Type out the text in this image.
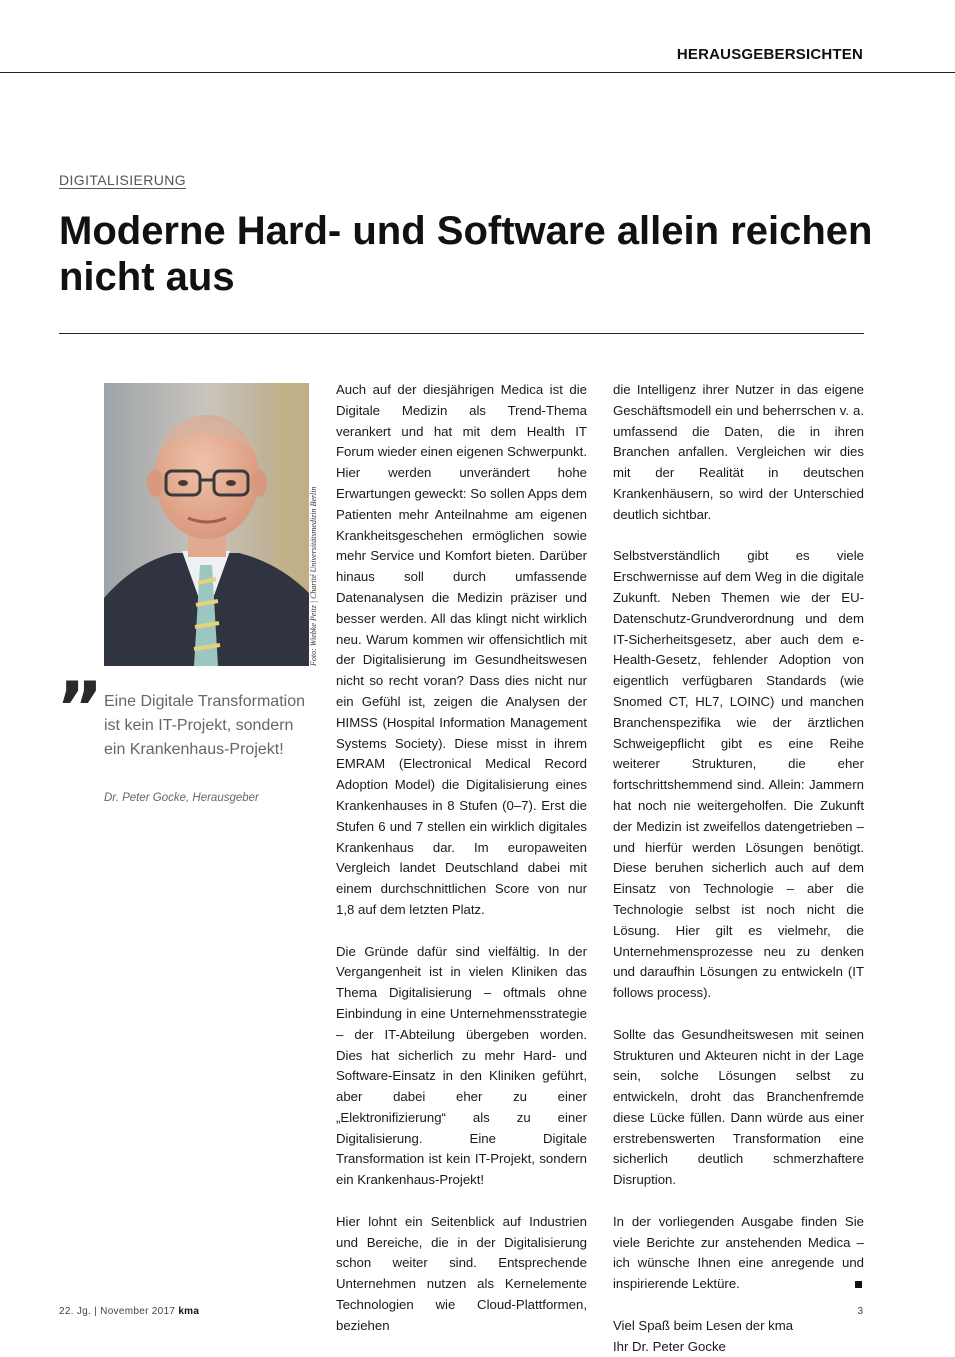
HERAUSGEBERSICHTEN
DIGITALISIERUNG
Moderne Hard- und Software allein reichen nicht aus
Foto: Wiebke Peitz | Charité Universitätsmedizin Berlin
” Eine Digitale Transformation ist kein IT-Projekt, sondern ein Krankenhaus-Projekt!

Dr. Peter Gocke, Herausgeber

Auch auf der diesjährigen Medica ist die Digitale Medizin als Trend-Thema verankert und hat mit dem Health IT Forum wieder einen eigenen Schwerpunkt. Hier werden unverändert hohe Erwartungen geweckt: So sollen Apps dem Patienten mehr Anteilnahme am eigenen Krankheitsgeschehen ermöglichen sowie mehr Service und Komfort bieten. Darüber hinaus soll durch umfassende Datenanalysen die Medizin präziser und besser werden. All das klingt nicht wirklich neu. Warum kommen wir offensichtlich mit der Digitalisierung im Gesundheitswesen nicht so recht voran? Dass dies nicht nur ein Gefühl ist, zeigen die Analysen der HIMSS (Hospital Information Management Systems Society). Diese misst in ihrem EMRAM (Electronical Medical Record Adoption Model) die Digitalisierung eines Krankenhauses in 8 Stufen (0–7). Erst die Stufen 6 und 7 stellen ein wirklich digitales Krankenhaus dar. Im europaweiten Vergleich landet Deutschland dabei mit einem durchschnittlichen Score von nur 1,8 auf dem letzten Platz.

Die Gründe dafür sind vielfältig. In der Vergangenheit ist in vielen Kliniken das Thema Digitalisierung – oftmals ohne Einbindung in eine Unternehmensstrategie – der IT-Abteilung übergeben worden. Dies hat sicherlich zu mehr Hard- und Software-Einsatz in den Kliniken geführt, aber dabei eher zu einer „Elektronifizierung“ als zu einer Digitalisierung. Eine Digitale Transformation ist kein IT-Projekt, sondern ein Krankenhaus-Projekt!

Hier lohnt ein Seitenblick auf Industrien und Bereiche, die in der Digitalisierung schon weiter sind. Entsprechende Unternehmen nutzen als Kernelemente Technologien wie Cloud-Plattformen, beziehen

die Intelligenz ihrer Nutzer in das eigene Geschäftsmodell ein und beherrschen v. a. umfassend die Daten, die in ihren Branchen anfallen. Vergleichen wir dies mit der Realität in deutschen Krankenhäusern, so wird der Unterschied deutlich sichtbar.

Selbstverständlich gibt es viele Erschwernisse auf dem Weg in die digitale Zukunft. Neben Themen wie der EU-Datenschutz-Grundverordnung und dem IT-Sicherheitsgesetz, aber auch dem e-Health-Gesetz, fehlender Adoption von eigentlich verfügbaren Standards (wie Snomed CT, HL7, LOINC) und manchen Branchenspezifika wie der ärztlichen Schweigepflicht gibt es eine Reihe weiterer Strukturen, die eher fortschrittshemmend sind. Allein: Jammern hat noch nie weitergeholfen. Die Zukunft der Medizin ist zweifellos datengetrieben – und hierfür werden Lösungen benötigt. Diese beruhen sicherlich auch auf dem Einsatz von Technologie – aber die Technologie selbst ist noch nicht die Lösung. Hier gilt es vielmehr, die Unternehmensprozesse neu zu denken und daraufhin Lösungen zu entwickeln (IT follows process).

Sollte das Gesundheitswesen mit seinen Strukturen und Akteuren nicht in der Lage sein, solche Lösungen selbst zu entwickeln, droht das Branchenfremde diese Lücke füllen. Dann würde aus einer erstrebenswerten Transformation eine sicherlich deutlich schmerzhaftere Disruption.

In der vorliegenden Ausgabe finden Sie viele Berichte zur anstehenden Medica – ich wünsche Ihnen eine anregende und inspirierende Lektüre.

Viel Spaß beim Lesen der kma
Ihr Dr. Peter Gocke

22. Jg. | November 2017 kma	3
